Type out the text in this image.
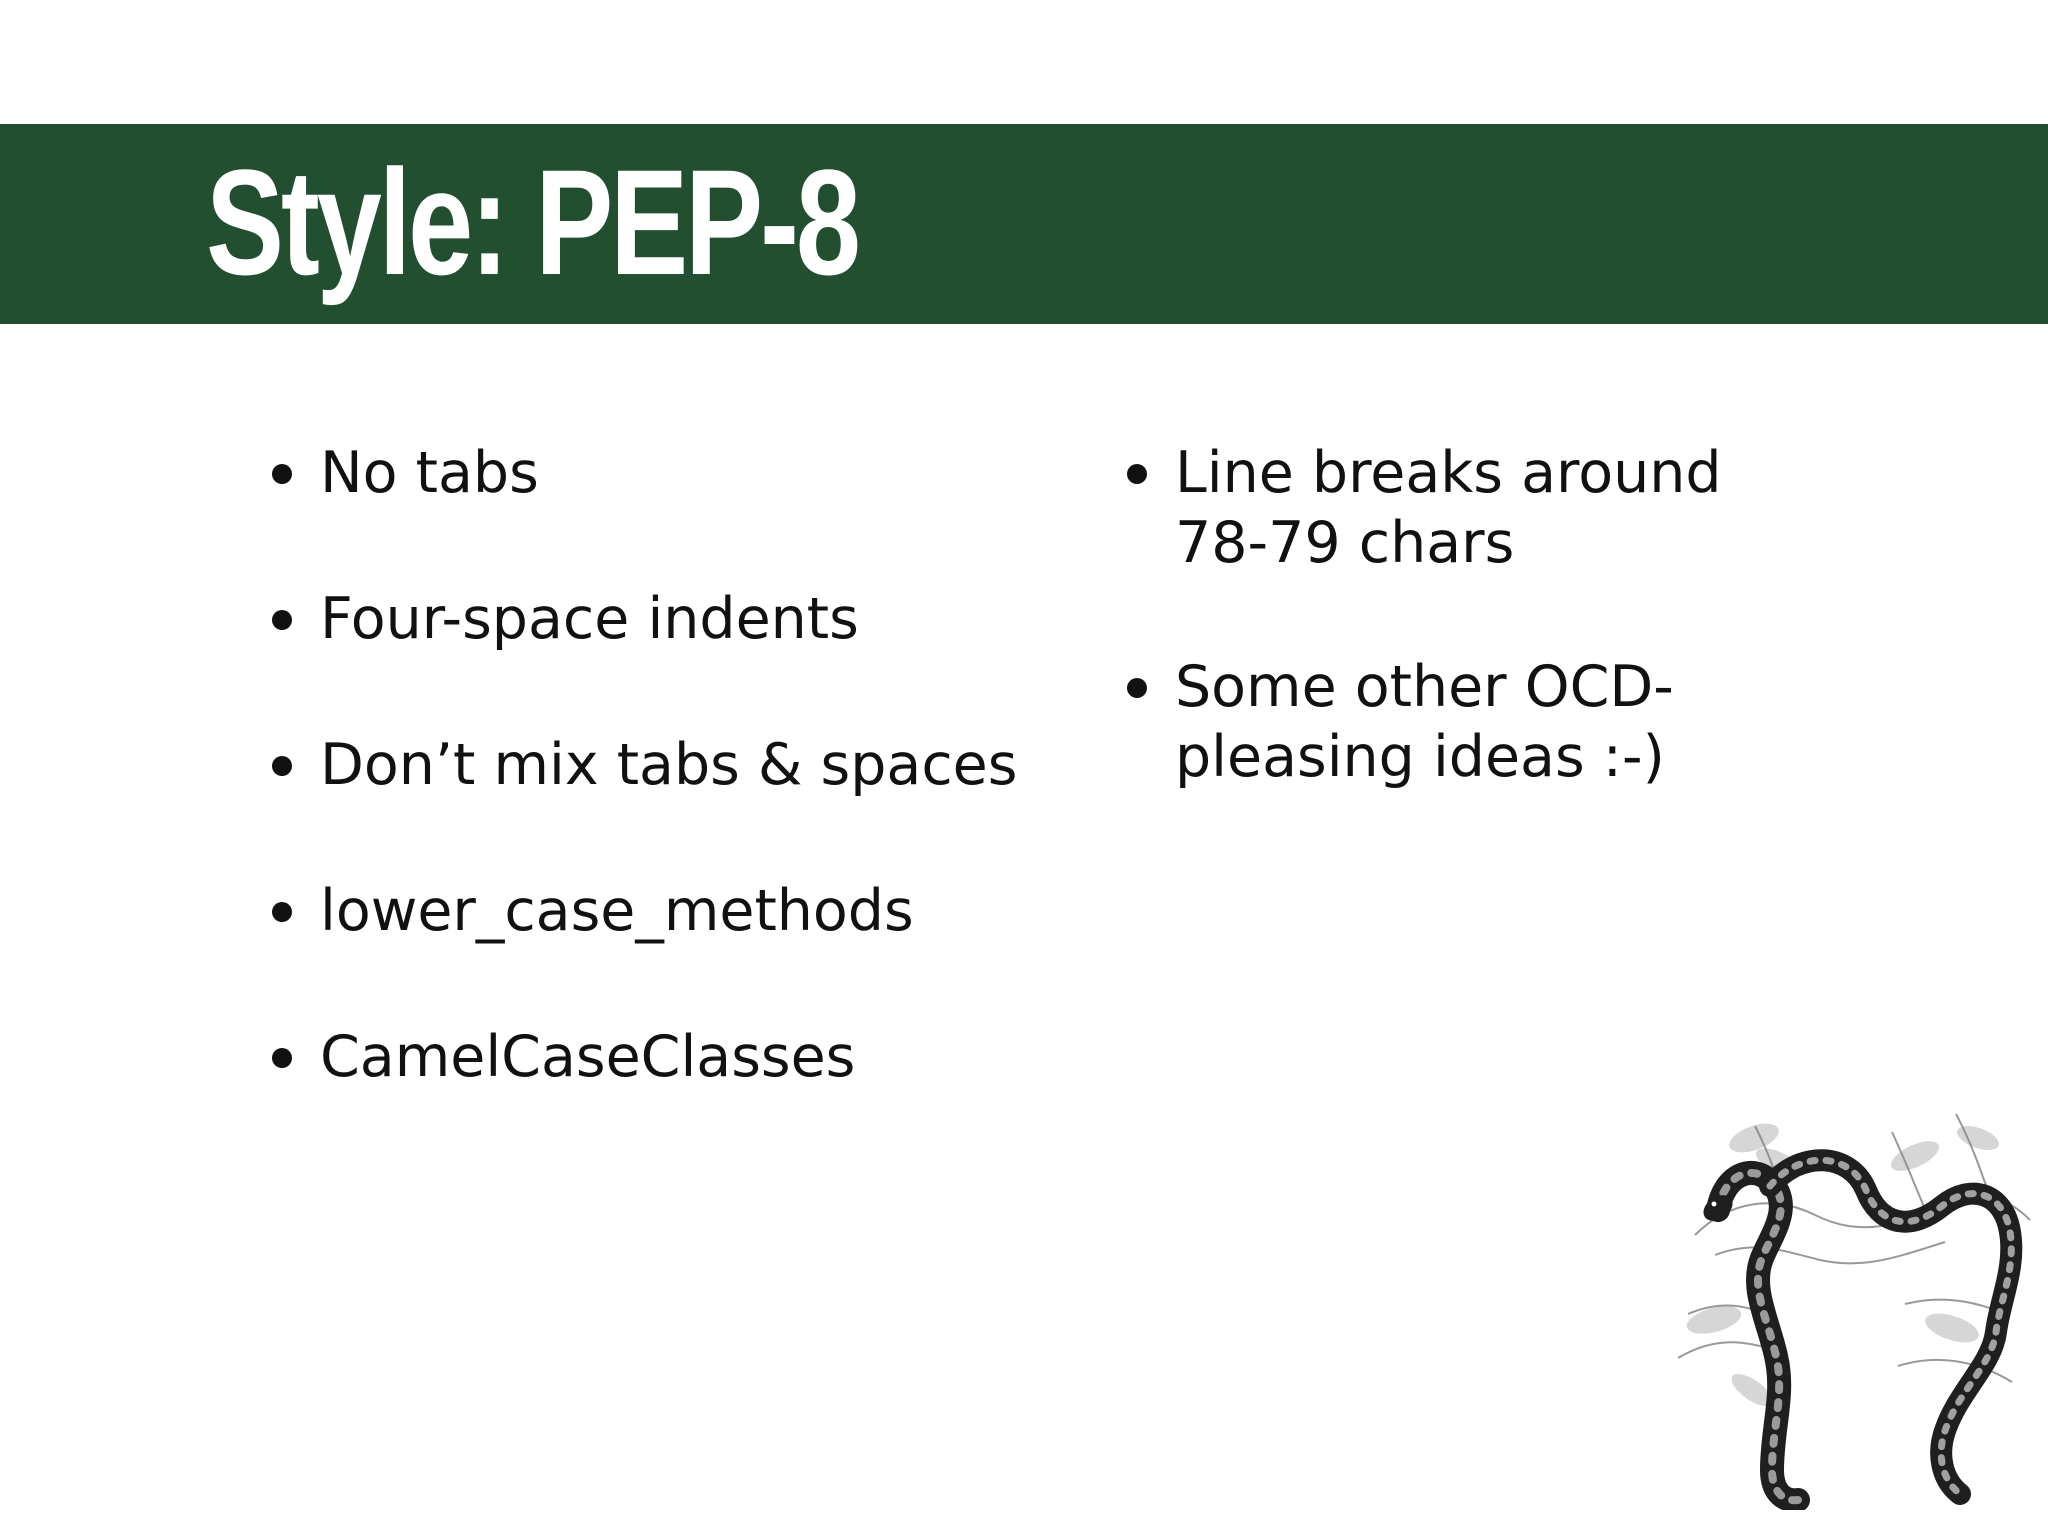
Style: PEP-8
No tabs
Four-space indents
Don’t mix tabs & spaces
lower_case_methods
CamelCaseClasses
Line breaks around 78-79 chars
Some other OCD-pleasing ideas :-)
